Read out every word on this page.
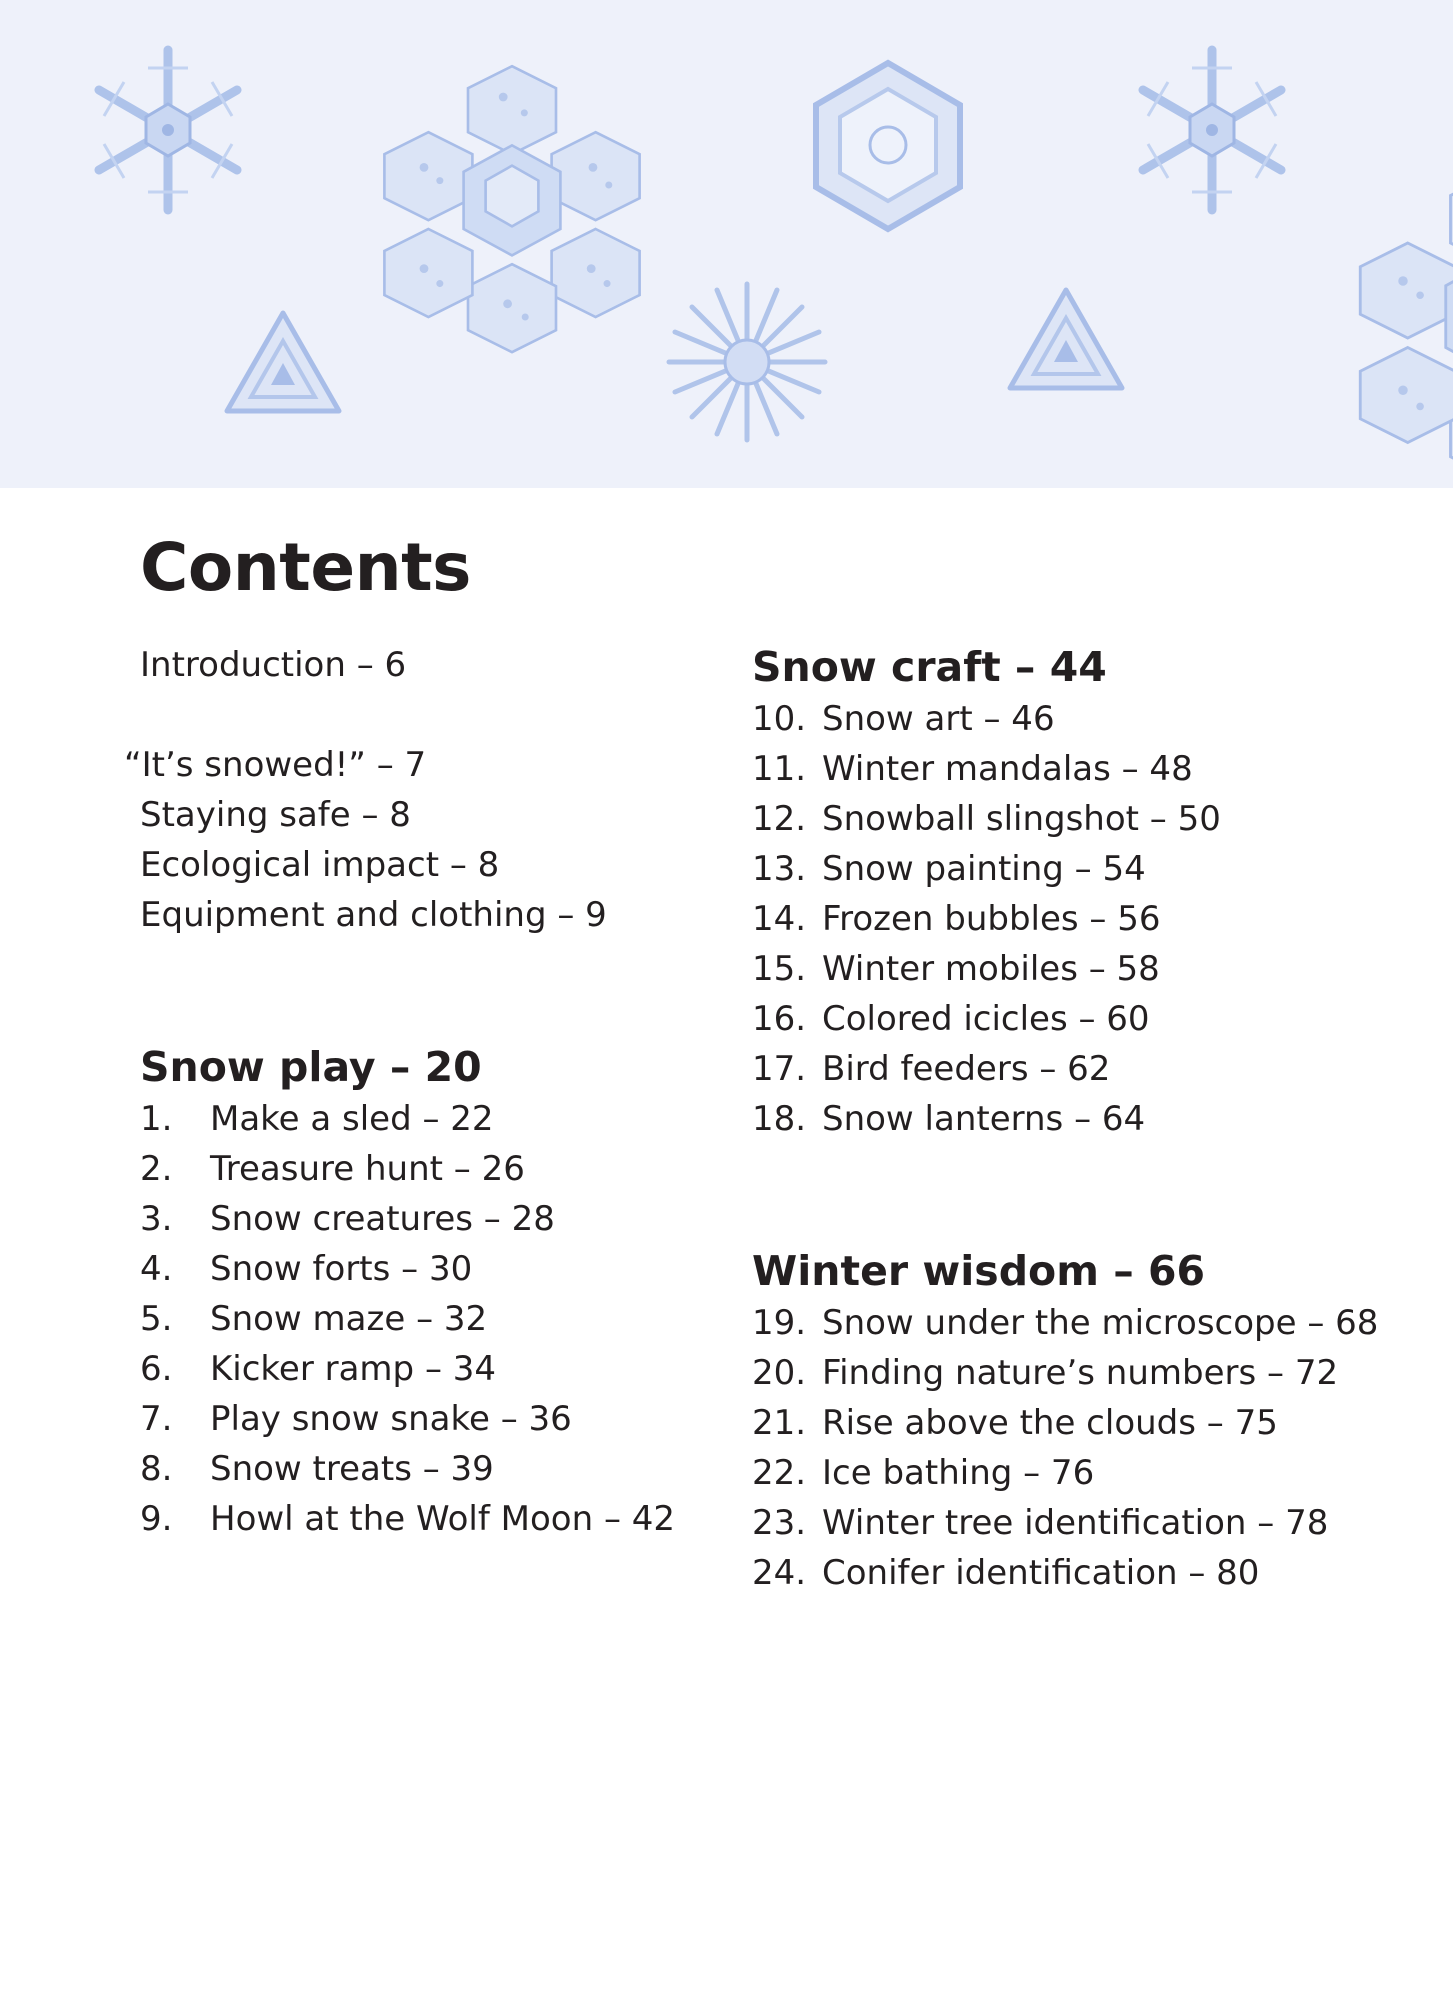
Contents
Introduction – 6
“It’s snowed!” – 7
Staying safe – 8
Ecological impact – 8
Equipment and clothing – 9
Snow play – 20
1. Make a sled – 22
2. Treasure hunt – 26
3. Snow creatures – 28
4. Snow forts – 30
5. Snow maze – 32
6. Kicker ramp – 34
7. Play snow snake – 36
8. Snow treats – 39
9. Howl at the Wolf Moon – 42
Snow craft – 44
10. Snow art – 46
11. Winter mandalas – 48
12. Snowball slingshot – 50
13. Snow painting – 54
14. Frozen bubbles – 56
15. Winter mobiles – 58
16. Colored icicles – 60
17. Bird feeders – 62
18. Snow lanterns – 64
Winter wisdom – 66
19. Snow under the microscope – 68
20. Finding nature’s numbers – 72
21. Rise above the clouds – 75
22. Ice bathing – 76
23. Winter tree identification – 78
24. Conifer identification – 80
